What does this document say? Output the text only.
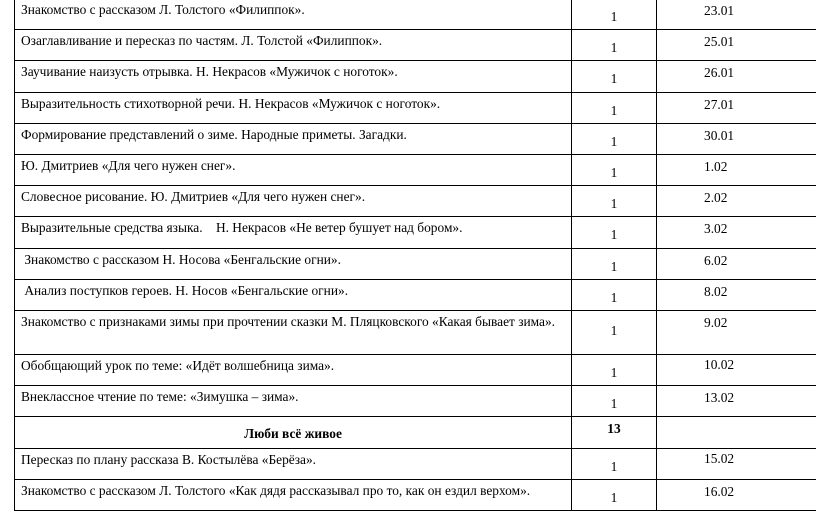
Знакомство с рассказом Л. Толстого «Филиппок».	1	23.01
Озаглавливание и пересказ по частям. Л. Толстой «Филиппок».	1	25.01
Заучивание наизусть отрывка. Н. Некрасов «Мужичок с ноготок».	1	26.01
Выразительность стихотворной речи. Н. Некрасов «Мужичок с ноготок».	1	27.01
Формирование представлений о зиме. Народные приметы. Загадки.	1	30.01
Ю. Дмитриев «Для чего нужен снег».	1	1.02
Словесное рисование. Ю. Дмитриев «Для чего нужен снег».	1	2.02
Выразительные средства языка.    Н. Некрасов «Не ветер бушует над бором».	1	3.02
Знакомство с рассказом Н. Носова «Бенгальские огни».	1	6.02
Анализ поступков героев. Н. Носов «Бенгальские огни».	1	8.02
Знакомство с признаками зимы при прочтении сказки М. Пляцковского «Какая бывает зима».	1	9.02
Обобщающий урок по теме: «Идёт волшебница зима».	1	10.02
Внеклассное чтение по теме: «Зимушка – зима».	1	13.02
Люби всё живое	13	
Пересказ по плану рассказа В. Костылёва «Берёза».	1	15.02
Знакомство с рассказом Л. Толстого «Как дядя рассказывал про то, как он ездил верхом».	1	16.02
